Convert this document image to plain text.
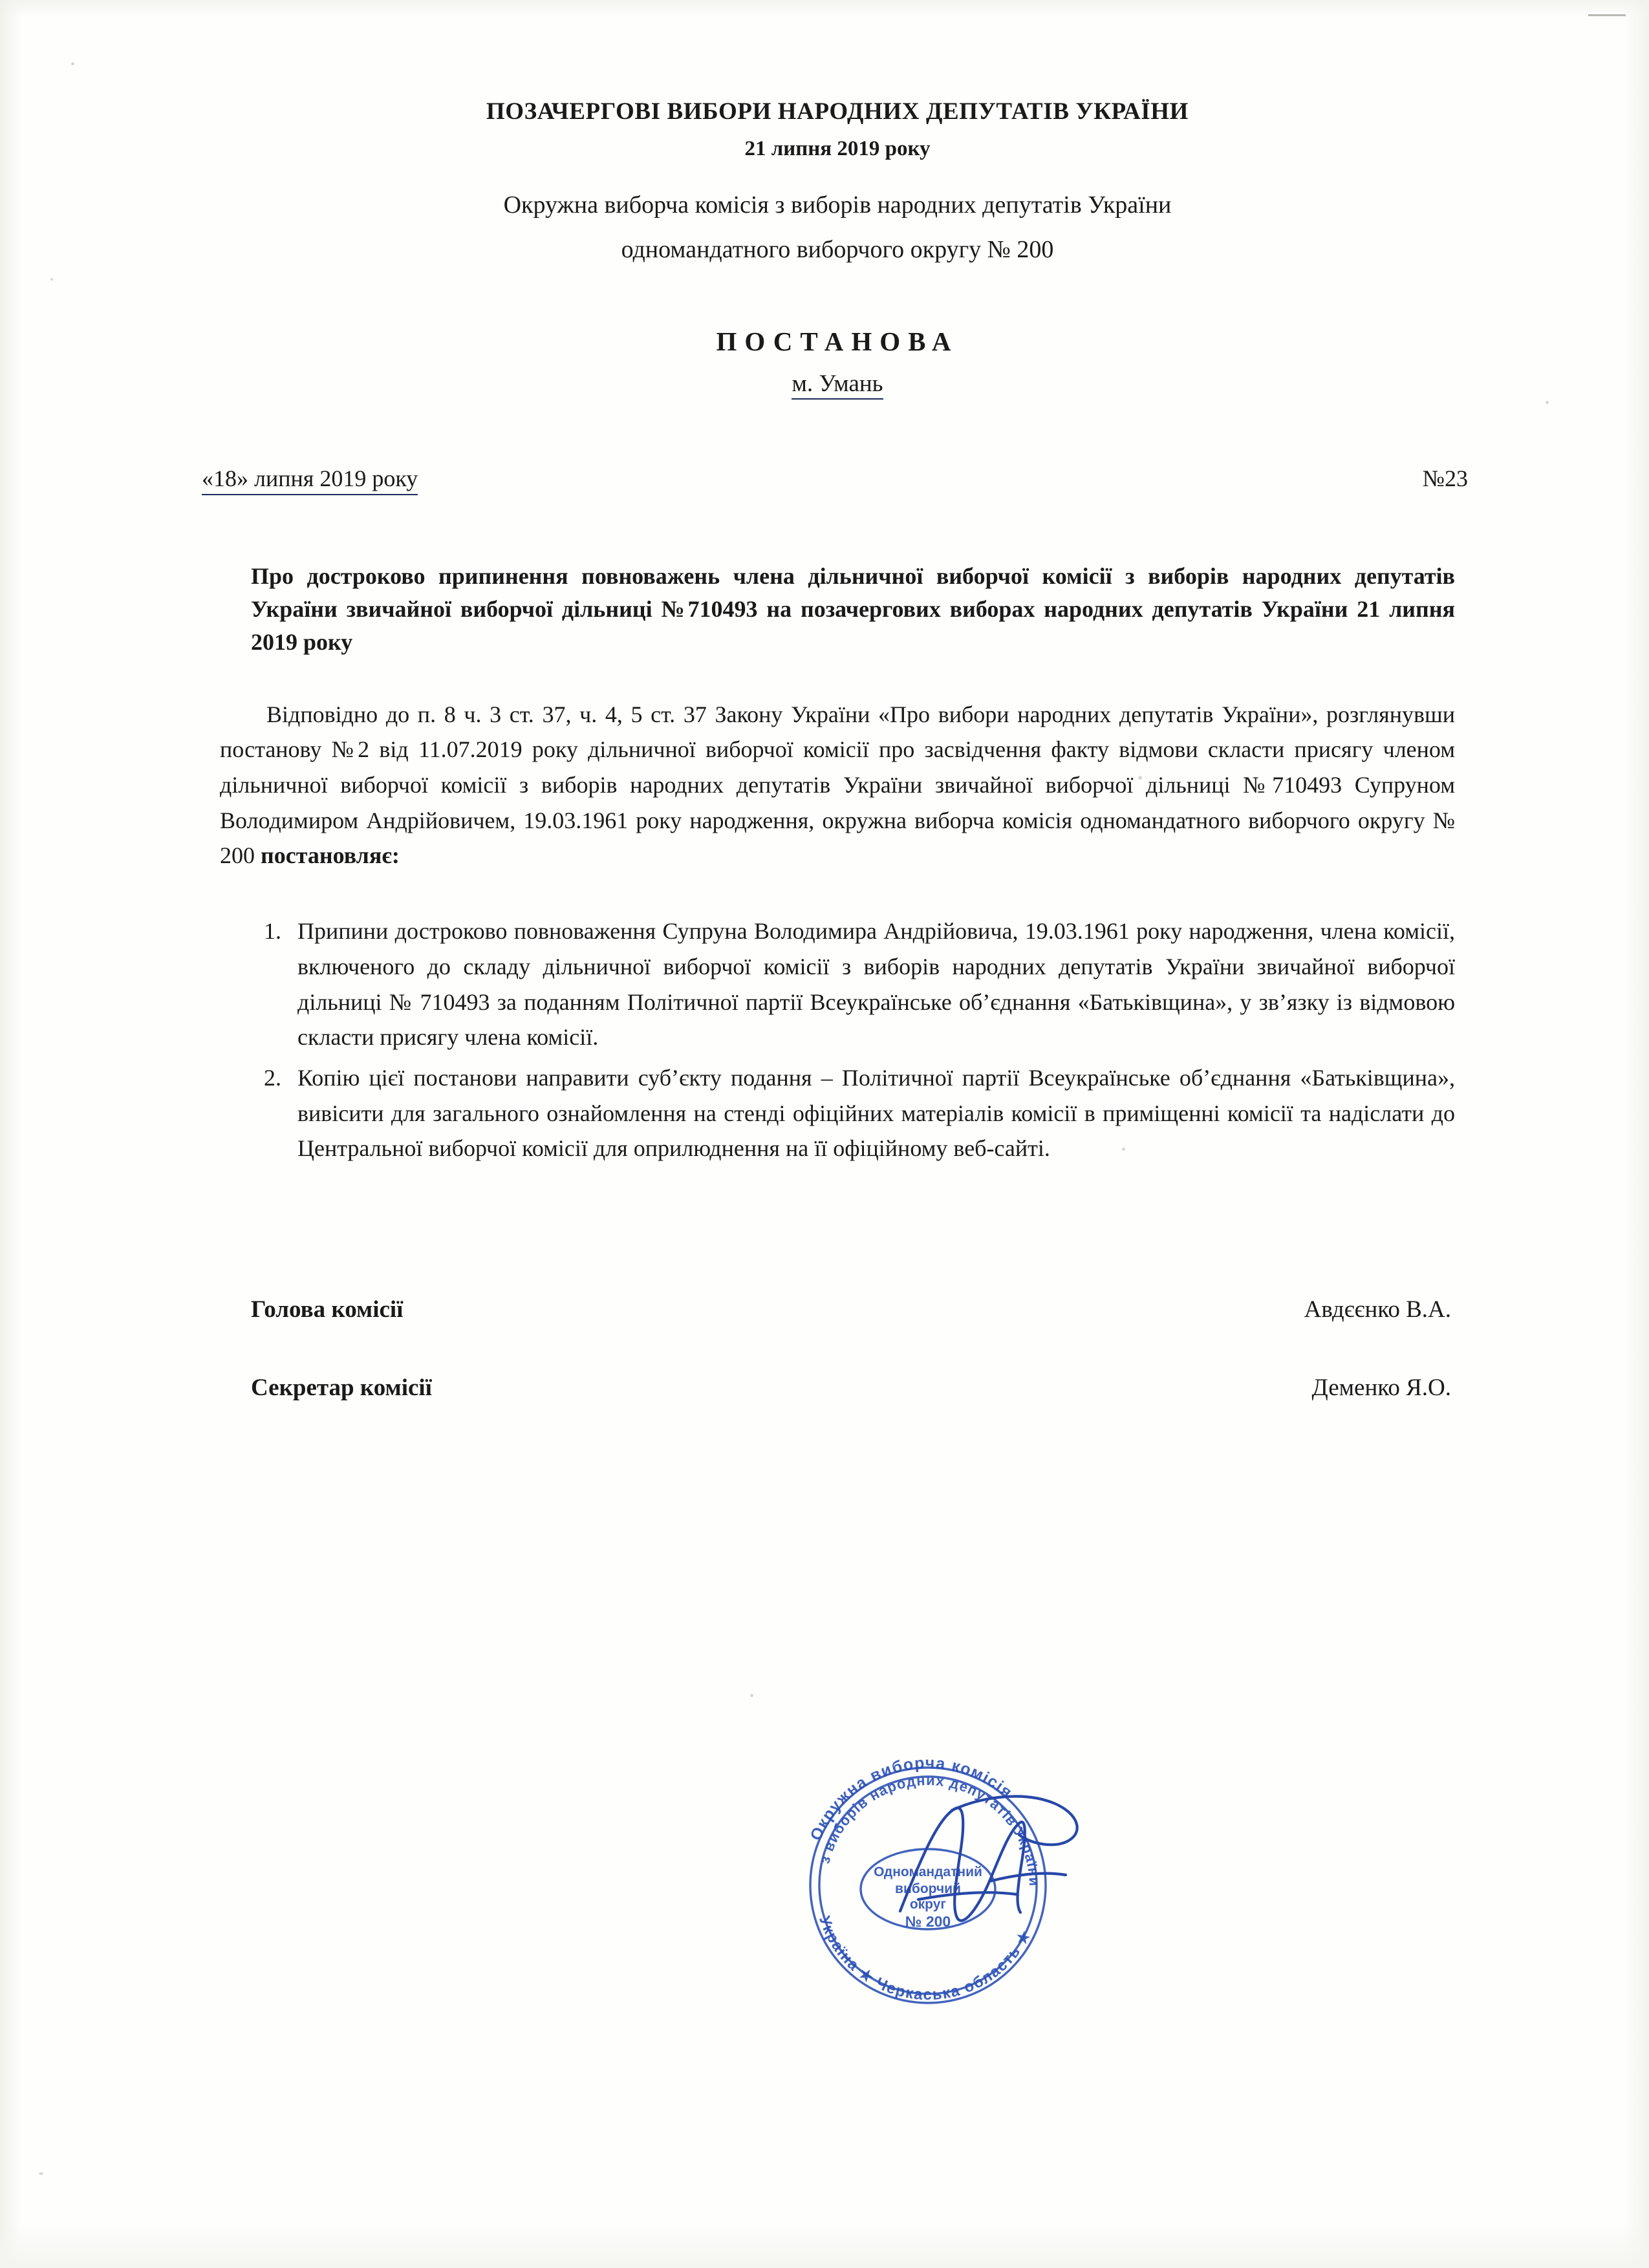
ПОЗАЧЕРГОВІ ВИБОРИ НАРОДНИХ ДЕПУТАТІВ УКРАЇНИ
21 липня 2019 року
Окружна виборча комісія з виборів народних депутатів України
одномандатного виборчого округу № 200
ПОСТАНОВА
м. Умань
«18» липня 2019 року	№23
Про достроково припинення повноважень члена дільничної виборчої комісії з виборів народних депутатів України звичайної виборчої дільниці №710493 на позачергових виборах народних депутатів України 21 липня 2019 року
Відповідно до п. 8 ч. 3 ст. 37, ч. 4, 5 ст. 37 Закону України «Про вибори народних депутатів України», розглянувши постанову №2 від 11.07.2019 року дільничної виборчої комісії про засвідчення факту відмови скласти присягу членом дільничної виборчої комісії з виборів народних депутатів України звичайної виборчої дільниці №710493 Супруном Володимиром Андрійовичем, 19.03.1961 року народження, окружна виборча комісія одномандатного виборчого округу № 200 постановляє:
1. Припини достроково повноваження Супруна Володимира Андрійовича, 19.03.1961 року народження, члена комісії, включеного до складу дільничної виборчої комісії з виборів народних депутатів України звичайної виборчої дільниці № 710493 за поданням Політичної партії Всеукраїнське об’єднання «Батьківщина», у зв’язку із відмовою скласти присягу члена комісії.
2. Копію цієї постанови направити суб’єкту подання – Політичної партії Всеукраїнське об’єднання «Батьківщина», вивісити для загального ознайомлення на стенді офіційних матеріалів комісії в приміщенні комісії та надіслати до Центральної виборчої комісії для оприлюднення на її офіційному веб-сайті.
Голова комісії	Авдєєнко В.А.
Секретар комісії	Деменко Я.О.
Окружна виборча комісія
з виборів народних депутатів України
Україна ★ Черкаська область ★
Одномандатний
виборчий
округ
№ 200
